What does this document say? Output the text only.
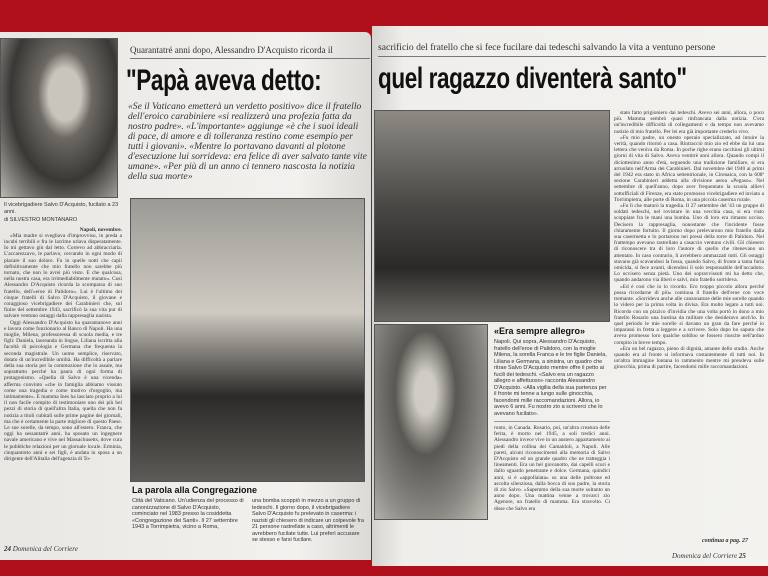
Quarantatré anni dopo, Alessandro D'Acquisto ricorda il
"Papà aveva detto:
«Se il Vaticano emetterà un verdetto positivo» dice il fratello dell'eroico carabiniere «si realizzerà una profezia fatta da nostro padre». «L'importante» aggiunge «è che i suoi ideali di pace, di amore e di tolleranza restino come esempio per tutti i giovani». «Mentre lo portavano davanti al plotone d'esecuzione lui sorrideva: era felice di aver salvato tante vite umane». «Per più di un anno ci tennero nascosta la notizia della sua morte»
Il vicebrigadiere Salvo D'Acquisto, fucilato a 23 anni.
di SILVESTRO MONTANARO
Napoli, novembre.

«Mia madre si svegliava d'improvviso, in preda a incubi terribili e fra le lacrime urlava disperatamente. Io mi gettavo giù dal letto. Correvo ad abbracciarla. L'accarezzavo, le parlavo, cercando in ogni modo di placare il suo dolore. Fu in quelle notti che capii definitivamente che mio fratello non sarebbe più tornato, che non lo avrei più visto. E che qualcosa, nella nostra casa, era irrimediabilmente mutato». Così Alessandro D'Acquisto ricorda la scomparsa di suo fratello, dell'«eroe di Palidoro». Lui è l'ultimo dei cinque fratelli di Salvo D'Acquisto, il giovane e coraggioso vicebrigadiere dei Carabinieri che, sul finire del settembre 1943, sacrificò la sua vita pur di salvare ventuno ostaggi dalla rappresaglia nazista.

Oggi Alessandro D'Acquisto ha quarantanove anni e lavora come funzionario al Banco di Napoli. Ha una moglie, Milena, professoressa di scuola media, e tre figli: Daniela, laureanda in lingue, Liliana iscritta alla facoltà di psicologia e Germana che frequenta la seconda magistrale. Un uomo semplice, riservato, dotato di un'incredibile umiltà. Ha difficoltà a parlare della sua storia per la commozione che lo assale, ma soprattutto perché ha paura di ogni forma di protagonismo. «Quella di Salvo è una vicenda» afferma convinto «che in famiglia abbiamo vissuto come una tragedia e come motivo d'orgoglio, ma intimamente». E mamma Ines ha lasciato proprio a lui il non facile compito di testimoniare uno dei più bei pezzi di storia di quell'altra Italia, quella che non fa notizia a titoli cubitali sulle prime pagine dei giornali, ma che è certamente la parte migliore di questo Paese. Le sue sorelle, da tempo, sono all'estero. Franca, che oggi ha sessantatrè anni, ha sposato un ingegnere navale americano e vive nel Massachusetts, dove cura le pubbliche relazioni per un giornale locale. Erminia, cinquantotto anni e sei figli, è andata in sposa a un dirigente dell'Alitalia dell'agenzia di To-

La parola alla Congregazione
Città del Vaticano. Un'udienza del processo di canonizzazione di Salvo D'Acquisto, cominciato nel 1983 presso la cosiddetta «Congregazione dei Santi». Il 27 settembre 1943 a Torrimpietra, vicino a Roma,
una bomba scoppiò in mezzo a un gruppo di tedeschi. Il giorno dopo, il vicebrigadiere Salvo D'Acquisto fu prelevato in caserma: i nazisti gli chiesero di indicare un colpevole fra 21 persone rastrellate a caso, altrimenti le avrebbero fucilate tutte. Lui preferì accusare se stesso e farsi fucilare.
24 Domenica del Corriere
sacrificio del fratello che si fece fucilare dai tedeschi salvando la vita a ventuno persone
quel ragazzo diventerà santo"
«Era sempre allegro»
Napoli. Qui sopra, Alessandro D'Acquisto, fratello dell'eroe di Palidoro, con la moglie Milena, la sorella Franca e le tre figlie Daniela, Liliana e Germana, a sinistra, un quadro che ritrae Salvo D'Acquisto mentre offre il petto ai fucili dei tedeschi. «Salvo era un ragazzo allegro e affettuoso» racconta Alessandro D'Acquisto. «Alla vigilia della sua partenza per il fronte mi tenne a lungo sulle ginocchia, facendomi mille raccomandazioni. Allora, io avevo 6 anni. Fu nostro zio a scriverci che lo avevano fucilato».
ronto, in Canada. Rosario, poi, un'altra creatura delle ferita, è morto nel 1945, a soli tredici anni. Alessandro invece vive in un austero appartamento ai piedi della collina dei Camaldoli, a Napoli. Alle pareti, alcuni riconoscimenti alla memoria di Salvo D'Acquisto ed un grande quadro che ne tratteggia i lineamenti. Era un bel giovanotto, dai capelli scuri e dallo sguardo penetrante e dolce. Germana, quindici anni, si è «appollaiata» su una delle poltrone ed ascolta silenziosa, dalla bocca di suo padre, la storia di zio Salvo. «Sapemmo della sua morte soltanto un anno dopo. Una mattina venne a trovarci zio Agenore, un fratello di mamma. Era stravolto. Ci disse che Salvo era

stato fatto prigioniero dai tedeschi. Avevo sei anni, allora, o poco più. Mamma sembrò quasi rinfrancata dalla notizia. C'era un'incredibile difficoltà di collegamenti e da tempo non avevamo notizie di mio fratello. Per lei era già importante crederlo vivo.

«Fu mio padre, un onesto operaio specializzato, ad intuire la verità, quando ritornò a casa. Rintracciò mio zio ed ebbe da lui una lettera che veniva da Roma. In poche righe erano racchiusi gli ultimi giorni di vita di Salvo. Aveva ventitrè anni allora. Quando compì il diciottesimo anno d'età, seguendo una tradizione familiare, si era arruolato nell'Arma dei Carabinieri. Dal novembre del 1940 ai primi del 1942 era stato in Africa settentrionale, in Cirenaica, con la 608ª sezione Carabinieri addetta alla divisione aerea «Pegaso». Nel settembre di quell'anno, dopo aver frequentato la scuola allievi sottufficiali di Firenze, era stato promosso vicebrigadiere ed inviato a Torrimpietra, alle porte di Roma, in una piccola caserma rurale.

«Fu lì che maturò la tragedia. Il 27 settembre del '43 un gruppo di soldati tedeschi, nel rovistare in una vecchia casa, si era visto scoppiare fra le mani una bomba. Uno di loro era rimasto ucciso. Decisero la rappresaglia, nonostante che l'incidente fosse chiaramente fortuito. Il giorno dopo prelevarono mio fratello dalla sua casermetta e lo portarono nei pressi della torre di Palidoro. Nel frattempo avevano rastrellato a casaccio ventuno civili. Gli chiesero di riconoscere tra di loro l'autore di quello che ritenevano un attentato. In caso contrario, li avrebbero ammazzati tutti. Gli ostaggi stavano già scavandosi la fossa, quando Salvo, di fronte a tanta furia omicida, si fece avanti, dicendosi il solo responsabile dell'accaduto. Lo uccisero senza pietà. Uno dei sopravvissuti mi ha detto che, quando andarono via liberi e salvi, mio fratello sorrideva.

«Ed è così che io lo ricordo. Ero troppo piccolo allora perché possa ricordarne di più» continua il fratello dell'eroe con voce tremante. «Sorrideva anche alle canzonature delle mie sorelle quando lo videro per la prima volta in divisa. Era molto legato a tutti noi. Ricordo con un pizzico d'invidia che una volta portò in dono a mio fratello Rosario una bustina da militare che desideravo anch'io. In quel periodo le mie sorelle si davano un gran da fare perché io imparassi in fretta a leggere e a scrivere. Solo dopo ho saputo che aveva promesso loro qualche soldino se fossero riuscite nell'arduo compito in breve tempo.

«Era un bel ragazzo, pieno di dignità, amante dello studio. Anche quando era al fronte si informava costantemente di tutti noi. In un'altra immagine lontana lo rammento mentre mi prendeva sulle ginocchia, prima di partire, facendomi mille raccomandazioni.

continua a pag. 27
Domenica del Corriere 25
